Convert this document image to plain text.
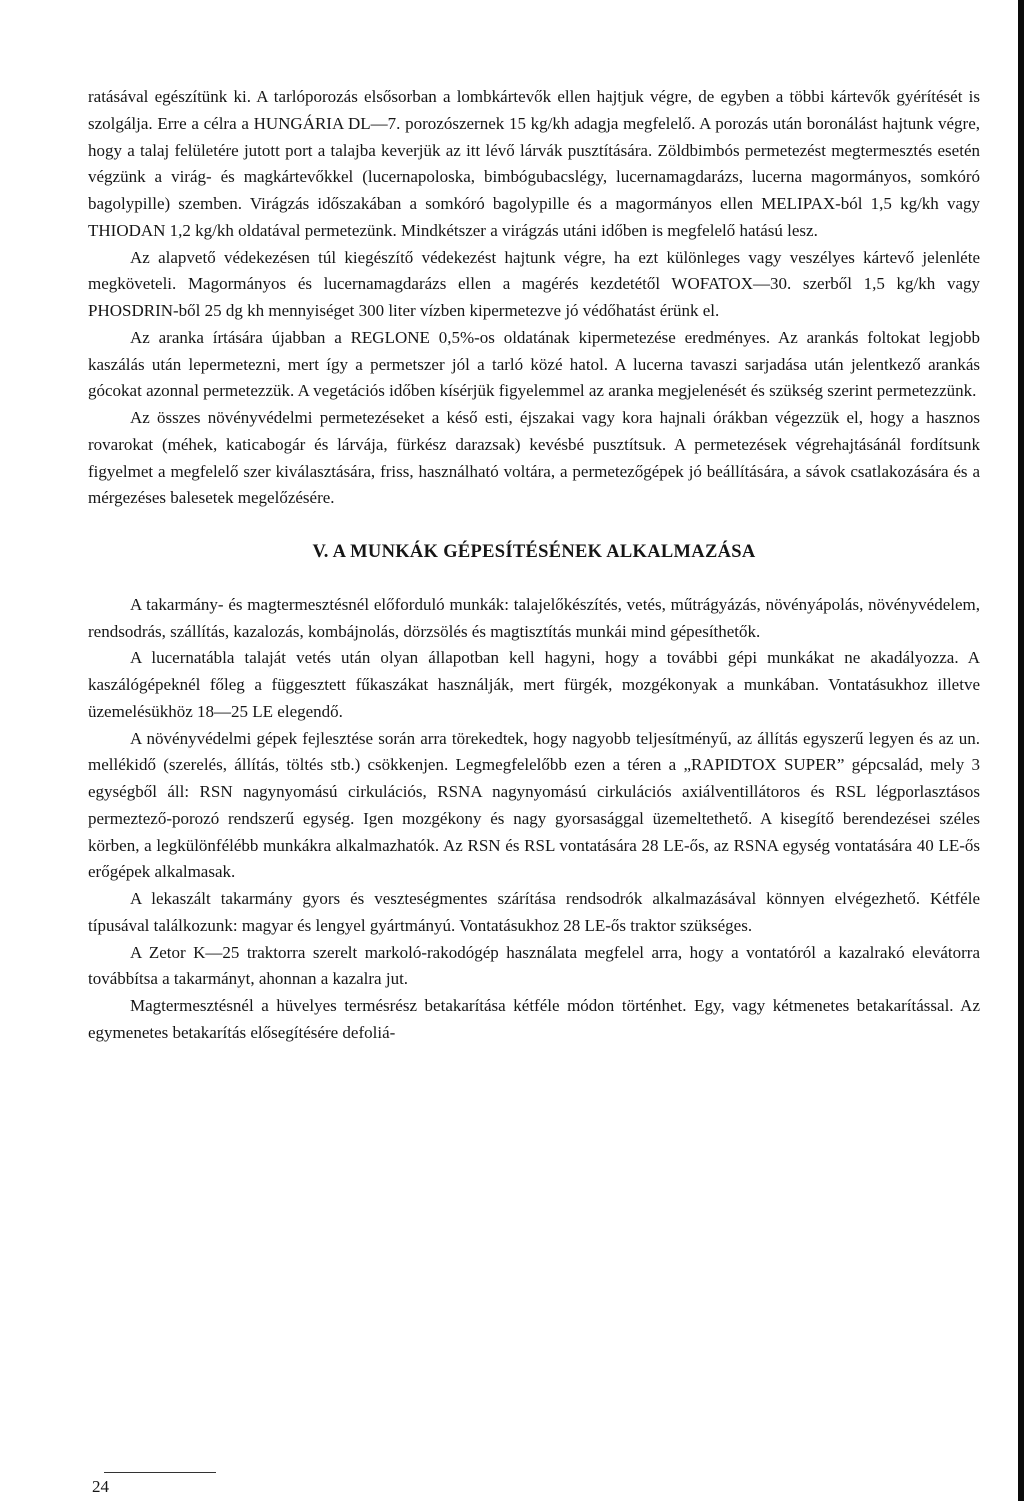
ratásával egészítünk ki. A tarlóporozás elsősorban a lombkártevők ellen hajtjuk végre, de egyben a többi kártevők gyérítését is szolgálja. Erre a célra a HUNGÁRIA DL—7. porozószernek 15 kg/kh adagja megfelelő. A porozás után boronálást hajtunk végre, hogy a talaj felületére jutott port a talajba keverjük az itt lévő lárvák pusztítására. Zöldbimbós permetezést megtermesztés esetén végzünk a virág- és magkártevőkkel (lucernapoloska, bimbógubacslégy, lucernamagdarázs, lucerna magormányos, somkóró bagolypille) szemben. Virágzás időszakában a somkóró bagolypille és a magormányos ellen MELIPAX-ból 1,5 kg/kh vagy THIODAN 1,2 kg/kh oldatával permetezünk. Mindkétszer a virágzás utáni időben is megfelelő hatású lesz.

Az alapvető védekezésen túl kiegészítő védekezést hajtunk végre, ha ezt különleges vagy veszélyes kártevő jelenléte megköveteli. Magormányos és lucernamagdarázs ellen a magérés kezdetétől WOFATOX—30. szerből 1,5 kg/kh vagy PHOSDRIN-ből 25 dg kh mennyiséget 300 liter vízben kipermetezve jó védőhatást érünk el.

Az aranka írtására újabban a REGLONE 0,5%-os oldatának kipermetezése eredményes. Az arankás foltokat legjobb kaszálás után lepermetezni, mert így a permetszer jól a tarló közé hatol. A lucerna tavaszi sarjadása után jelentkező arankás gócokat azonnal permetezzük. A vegetációs időben kísérjük figyelemmel az aranka megjelenését és szükség szerint permetezzünk.

Az összes növényvédelmi permetezéseket a késő esti, éjszakai vagy kora hajnali órákban végezzük el, hogy a hasznos rovarokat (méhek, katicabogár és lárvája, fürkész darazsak) kevésbé pusztítsuk. A permetezések végrehajtásánál fordítsunk figyelmet a megfelelő szer kiválasztására, friss, használható voltára, a permetezőgépek jó beállítására, a sávok csatlakozására és a mérgezéses balesetek megelőzésére.

V. A MUNKÁK GÉPESÍTÉSÉNEK ALKALMAZÁSA

A takarmány- és magtermesztésnél előforduló munkák: talajelőkészítés, vetés, műtrágyázás, növényápolás, növényvédelem, rendsodrás, szállítás, kazalozás, kombájnolás, dörzsölés és magtisztítás munkái mind gépesíthetők.

A lucernatábla talaját vetés után olyan állapotban kell hagyni, hogy a további gépi munkákat ne akadályozza. A kaszálógépeknél főleg a függesztett fűkaszákat használják, mert fürgék, mozgékonyak a munkában. Vontatásukhoz illetve üzemelésükhöz 18—25 LE elegendő.

A növényvédelmi gépek fejlesztése során arra törekedtek, hogy nagyobb teljesítményű, az állítás egyszerű legyen és az un. mellékidő (szerelés, állítás, töltés stb.) csökkenjen. Legmegfelelőbb ezen a téren a „RAPIDTOX SUPER” gépcsalád, mely 3 egységből áll: RSN nagynyomású cirkulációs, RSNA nagynyomású cirkulációs axiálventillátoros és RSL légporlasztásos permeztező-porozó rendszerű egység. Igen mozgékony és nagy gyorsasággal üzemeltethető. A kisegítő berendezései széles körben, a legkülönfélébb munkákra alkalmazhatók. Az RSN és RSL vontatására 28 LE-ős, az RSNA egység vontatására 40 LE-ős erőgépek alkalmasak.

A lekaszált takarmány gyors és veszteségmentes szárítása rendsodrók alkalmazásával könnyen elvégezhető. Kétféle típusával találkozunk: magyar és lengyel gyártmányú. Vontatásukhoz 28 LE-ős traktor szükséges.

A Zetor K—25 traktorra szerelt markoló-rakodógép használata megfelel arra, hogy a vontatóról a kazalrakó elevátorra továbbítsa a takarmányt, ahonnan a kazalra jut.

Magtermesztésnél a hüvelyes termésrész betakarítása kétféle módon történhet. Egy, vagy kétmenetes betakarítással. Az egymenetes betakarítás elősegítésére defoliá-

24
